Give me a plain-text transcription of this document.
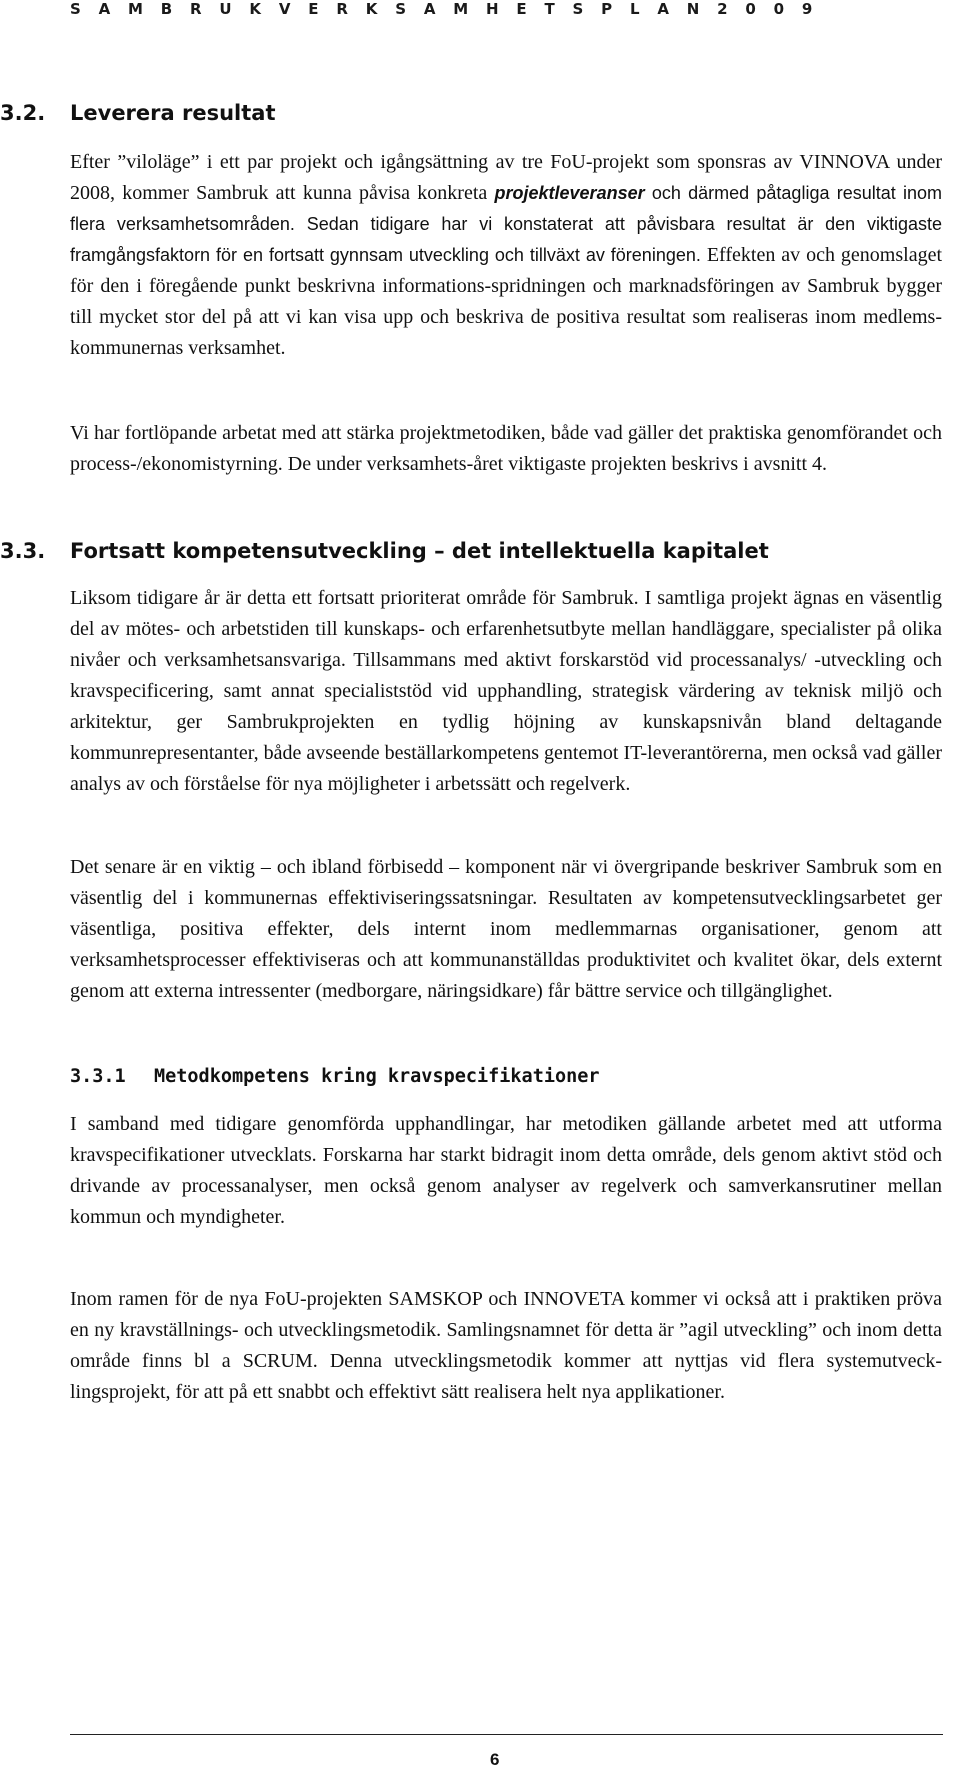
S A M B R U K V E R K S A M H E T S P L A N 2 0 0 9
3.2. Leverera resultat

Efter ”viloläge” i ett par projekt och igångsättning av tre FoU-projekt som sponsras av VINNOVA under 2008, kommer Sambruk att kunna påvisa konkreta projektleveranser och därmed påtagliga resultat inom flera verksamhetsområden. Sedan tidigare har vi konstaterat att påvisbara resultat är den viktigaste framgångsfaktorn för en fortsatt gynnsam utveckling och tillväxt av föreningen. Effekten av och genomslaget för den i föregående punkt beskrivna informations-spridningen och marknadsföringen av Sambruk bygger till mycket stor del på att vi kan visa upp och beskriva de positiva resultat som realiseras inom medlems-kommunernas verksamhet.

Vi har fortlöpande arbetat med att stärka projektmetodiken, både vad gäller det praktiska genomförandet och process-/ekonomistyrning. De under verksamhets-året viktigaste projekten beskrivs i avsnitt 4.

3.3. Fortsatt kompetensutveckling – det intellektuella kapitalet

Liksom tidigare år är detta ett fortsatt prioriterat område för Sambruk. I samtliga projekt ägnas en väsentlig del av mötes- och arbetstiden till kunskaps- och erfarenhetsutbyte mellan handläggare, specialister på olika nivåer och verksamhetsansvariga. Tillsammans med aktivt forskarstöd vid processanalys/ -utveckling och kravspecificering, samt annat specialiststöd vid upphandling, strategisk värdering av teknisk miljö och arkitektur, ger Sambrukprojekten en tydlig höjning av kunskapsnivån bland deltagande kommunrepresentanter, både avseende beställarkompetens gentemot IT-leverantörerna, men också vad gäller analys av och förståelse för nya möjligheter i arbetssätt och regelverk.

Det senare är en viktig – och ibland förbisedd – komponent när vi övergripande beskriver Sambruk som en väsentlig del i kommunernas effektiviseringssatsningar. Resultaten av kompetensutvecklingsarbetet ger väsentliga, positiva effekter, dels internt inom medlemmarnas organisationer, genom att verksamhetsprocesser effektiviseras och att kommunanställdas produktivitet och kvalitet ökar, dels externt genom att externa intressenter (medborgare, näringsidkare) får bättre service och tillgänglighet.

3.3.1 Metodkompetens kring kravspecifikationer

I samband med tidigare genomförda upphandlingar, har metodiken gällande arbetet med att utforma kravspecifikationer utvecklats. Forskarna har starkt bidragit inom detta område, dels genom aktivt stöd och drivande av processanalyser, men också genom analyser av regelverk och samverkansrutiner mellan kommun och myndigheter.

Inom ramen för de nya FoU-projekten SAMSKOP och INNOVETA kommer vi också att i praktiken pröva en ny kravställnings- och utvecklingsmetodik. Samlingsnamnet för detta är ”agil utveckling” och inom detta område finns bl a SCRUM. Denna utvecklingsmetodik kommer att nyttjas vid flera systemutveck-lingsprojekt, för att på ett snabbt och effektivt sätt realisera helt nya applikationer.

6
